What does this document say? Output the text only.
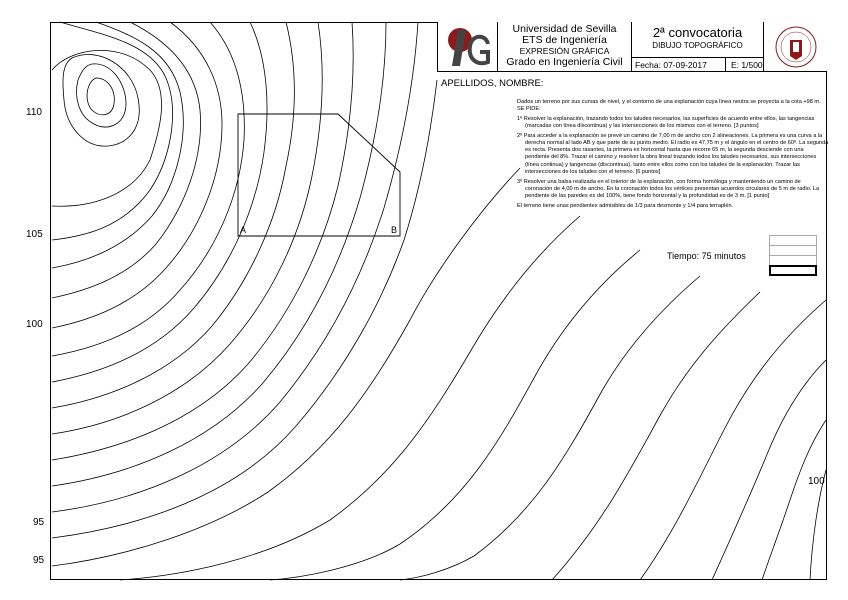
110
105
100
95
95
100
A	B
Universidad de Sevilla
ETS de Ingeniería
EXPRESIÓN GRÁFICA
Grado en Ingeniería Civil
2ª convocatoria
DIBUJO TOPOGRÁFICO
Fecha: 07-09-2017	E: 1/500
APELLIDOS, NOMBRE:

Dados un terreno por sus curvas de nivel, y el contorno de una explanación cuya línea neutra se proyecta a la cota +98 m. SE PIDE:

1º Resolver la explanación, trazando todos los taludes necesarios, las superficies de acuerdo entre ellos, las tangencias (marcadas con línea discontinua) y las intersecciones de los mismos con el terreno. [3 puntos]

2º Para acceder a la explanación se prevé un camino de 7,00 m de ancho con 2 alineaciones. La primera es una curva a la derecha normal al lado AB y que parte de su punto medio. El radio es 47,75 m y el ángulo en el centro de 60º. La segunda es recta. Presenta dos rasantes, la primera es horizontal hasta que recorre 65 m, la segunda desciende con una pendiente del 8%. Trazar el camino y resolver la obra lineal trazando todos los taludes necesarios, sus intersecciones (línea continua) y tangencias (discontinua), tanto entre ellos como con los taludes de la explanación. Trazar las intersecciones de los taludes con el terreno. [6 puntos]

3º Resolver una balsa realizada en el interior de la explanación, con forma homóloga y manteniendo un camino de coronación de 4,00 m de ancho. En la coronación todos los vértices presentan acuerdos circulares de 5 m de radio. La pendiente de las paredes es del 100%, tiene fondo horizontal y la profundidad es de 3 m. [1 punto]

El terreno tiene unas pendientes admisibles de 1/3 para desmonte y 1/4 para terraplén.

Tiempo: 75 minutos
